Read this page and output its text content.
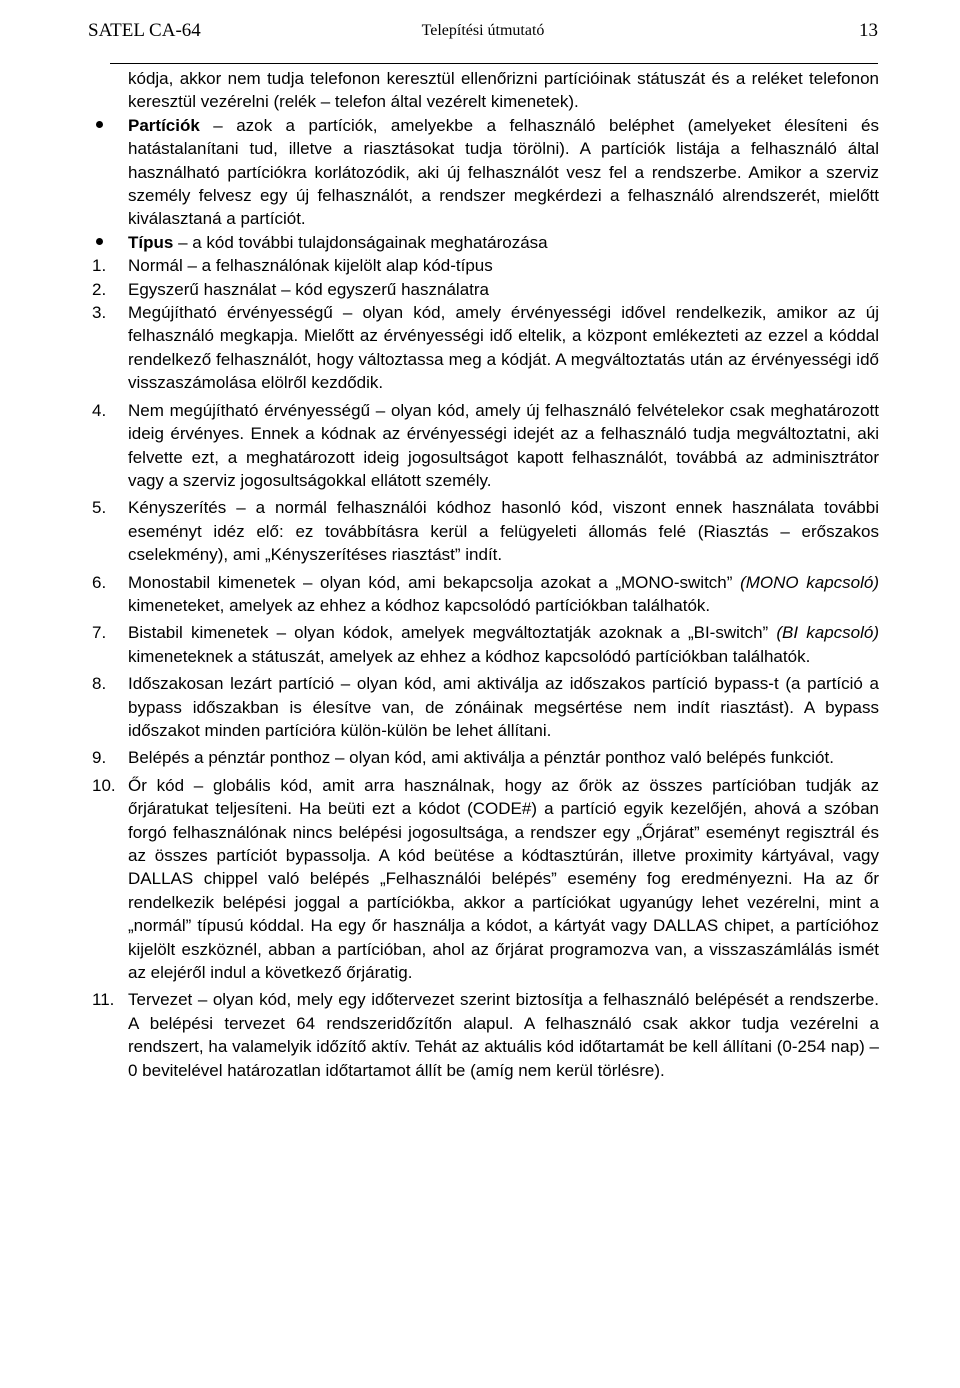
SATEL CA-64	Telepítési útmutató	13

kódja, akkor nem tudja telefonon keresztül ellenőrizni partícióinak státuszát és a reléket telefonon keresztül vezérelni (relék – telefon által vezérelt kimenetek).

Partíciók – azok a partíciók, amelyekbe a felhasználó beléphet (amelyeket élesíteni és hatástalanítani tud, illetve a riasztásokat tudja törölni). A partíciók listája a felhasználó által használható partíciókra korlátozódik, aki új felhasználót vesz fel a rendszerbe. Amikor a szerviz személy felvesz egy új felhasználót, a rendszer megkérdezi a felhasználó alrendszerét, mielőtt kiválasztaná a partíciót.

Típus – a kód további tulajdonságainak meghatározása

1.	Normál – a felhasználónak kijelölt alap kód-típus

2.	Egyszerű használat – kód egyszerű használatra

3.	Megújítható érvényességű – olyan kód, amely érvényességi idővel rendelkezik, amikor az új felhasználó megkapja. Mielőtt az érvényességi idő eltelik, a központ emlékezteti az ezzel a kóddal rendelkező felhasználót, hogy változtassa meg a kódját. A megváltoztatás után az érvényességi idő visszaszámolása elölről kezdődik.

4.	Nem megújítható érvényességű – olyan kód, amely új felhasználó felvételekor csak meghatározott ideig érvényes. Ennek a kódnak az érvényességi idejét az a felhasználó tudja megváltoztatni, aki felvette ezt, a meghatározott ideig jogosultságot kapott felhasználót, továbbá az adminisztrátor vagy a szerviz jogosultságokkal ellátott személy.

5.	Kényszerítés – a normál felhasználói kódhoz hasonló kód, viszont ennek használata további eseményt idéz elő: ez továbbításra kerül a felügyeleti állomás felé (Riasztás – erőszakos cselekmény), ami „Kényszerítéses riasztást” indít.

6.	Monostabil kimenetek – olyan kód, ami bekapcsolja azokat a „MONO-switch” (MONO kapcsoló) kimeneteket, amelyek az ehhez a kódhoz kapcsolódó partíciókban találhatók.

7.	Bistabil kimenetek – olyan kódok, amelyek megváltoztatják azoknak a „BI-switch” (BI kapcsoló) kimeneteknek a státuszát, amelyek az ehhez a kódhoz kapcsolódó partíciókban találhatók.

8.	Időszakosan lezárt partíció – olyan kód, ami aktiválja az időszakos partíció bypass-t (a partíció a bypass időszakban is élesítve van, de zónáinak megsértése nem indít riasztást). A bypass időszakot minden partícióra külön-külön be lehet állítani.

9.	Belépés a pénztár ponthoz – olyan kód, ami aktiválja a pénztár ponthoz való belépés funkciót.

10. Őr kód – globális kód, amit arra használnak, hogy az őrök az összes partícióban tudják az őrjáratukat teljesíteni. Ha beüti ezt a kódot (CODE#) a partíció egyik kezelőjén, ahová a szóban forgó felhasználónak nincs belépési jogosultsága, a rendszer egy „Őrjárat” eseményt regisztrál és az összes partíciót bypassolja. A kód beütése a kódtasztúrán, illetve proximity kártyával, vagy DALLAS chippel való belépés „Felhasználói belépés” esemény fog eredményezni. Ha az őr rendelkezik belépési joggal a partíciókba, akkor a partíciókat ugyanúgy lehet vezérelni, mint a „normál” típusú kóddal. Ha egy őr használja a kódot, a kártyát vagy DALLAS chipet, a partícióhoz kijelölt eszköznél, abban a partícióban, ahol az őrjárat programozva van, a visszaszámlálás ismét az elejéről indul a következő őrjáratig.

11. Tervezet – olyan kód, mely egy időtervezet szerint biztosítja a felhasználó belépését a rendszerbe. A belépési tervezet 64 rendszeridőzítőn alapul. A felhasználó csak akkor tudja vezérelni a rendszert, ha valamelyik időzítő aktív. Tehát az aktuális kód időtartamát be kell állítani (0-254 nap) – 0 bevitelével határozatlan időtartamot állít be (amíg nem kerül törlésre).
